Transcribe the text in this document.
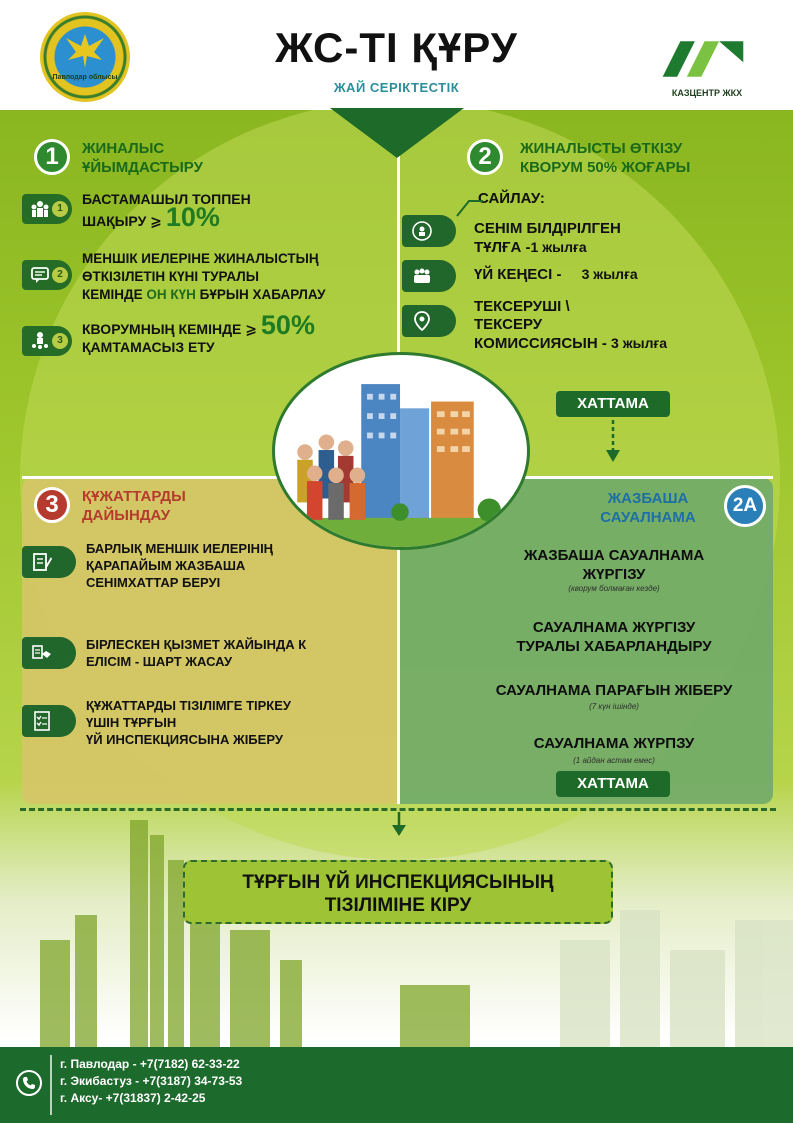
Павлодар облысы
ЖС-ТІ ҚҰРУ
ЖАЙ СЕРІКТЕСТІК	КАЗЦЕНТР ЖКХ
1	ЖИНАЛЫС
ҰЙЫМДАСТЫРУ
1
БАСТАМАШЫЛ ТОППЕН
ШАҚЫРУ ⩾ 10%
2
МЕНШІК ИЕЛЕРІНЕ ЖИНАЛЫСТЫҢ
ӨТКІЗІЛЕТІН КҮНІ ТУРАЛЫ
КЕМІНДЕ ОН КҮН БҰРЫН ХАБАРЛАУ
3
КВОРУМНЫҢ КЕМІНДЕ ⩾ 50%
ҚАМТАМАСЫЗ ЕТУ
2	ЖИНАЛЫСТЫ ӨТКІЗУ
КВОРУМ 50% ЖОҒАРЫ
САЙЛАУ:
СЕНІМ БІЛДІРІЛГЕН
ТҰЛҒА -1 жылға
ҮЙ КЕҢЕСІ - 3 жылға
ТЕКСЕРУШІ \
ТЕКСЕРУ
КОМИССИЯСЫН - 3 жылға
ХАТТАМА
3	ҚҰЖАТТАРДЫ
ДАЙЫНДАУ
БАРЛЫҚ МЕНШІК ИЕЛЕРІНІҢ
ҚАРАПАЙЫМ ЖАЗБАША
СЕНІМХАТТАР БЕРУІ
БІРЛЕСКЕН ҚЫЗМЕТ ЖАЙЫНДА К
ЕЛІСІМ - ШАРТ ЖАСАУ
ҚҰЖАТТАРДЫ ТІЗІЛІМГЕ ТІРКЕУ
ҮШІН ТҰРҒЫН
ҮЙ ИНСПЕКЦИЯСЫНА ЖІБЕРУ
ЖАЗБАША
САУАЛНАМА
2А
ЖАЗБАША САУАЛНАМА
ЖҮРГІЗУ
(кворум болмаған кезде)
САУАЛНАМА ЖҮРГІЗУ
ТУРАЛЫ ХАБАРЛАНДЫРУ
САУАЛНАМА ПАРАҒЫН ЖІБЕРУ
(7 күн ішінде)
САУАЛНАМА ЖҮРПЗУ
(1 айдан астам емес)
ХАТТАМА
ТҰРҒЫН ҮЙ ИНСПЕКЦИЯСЫНЫҢ
ТІЗІЛІМІНЕ КІРУ
г. Павлодар - +7(7182) 62-33-22
г. Экибастуз - +7(3187) 34-73-53
г. Аксу- +7(31837) 2-42-25
